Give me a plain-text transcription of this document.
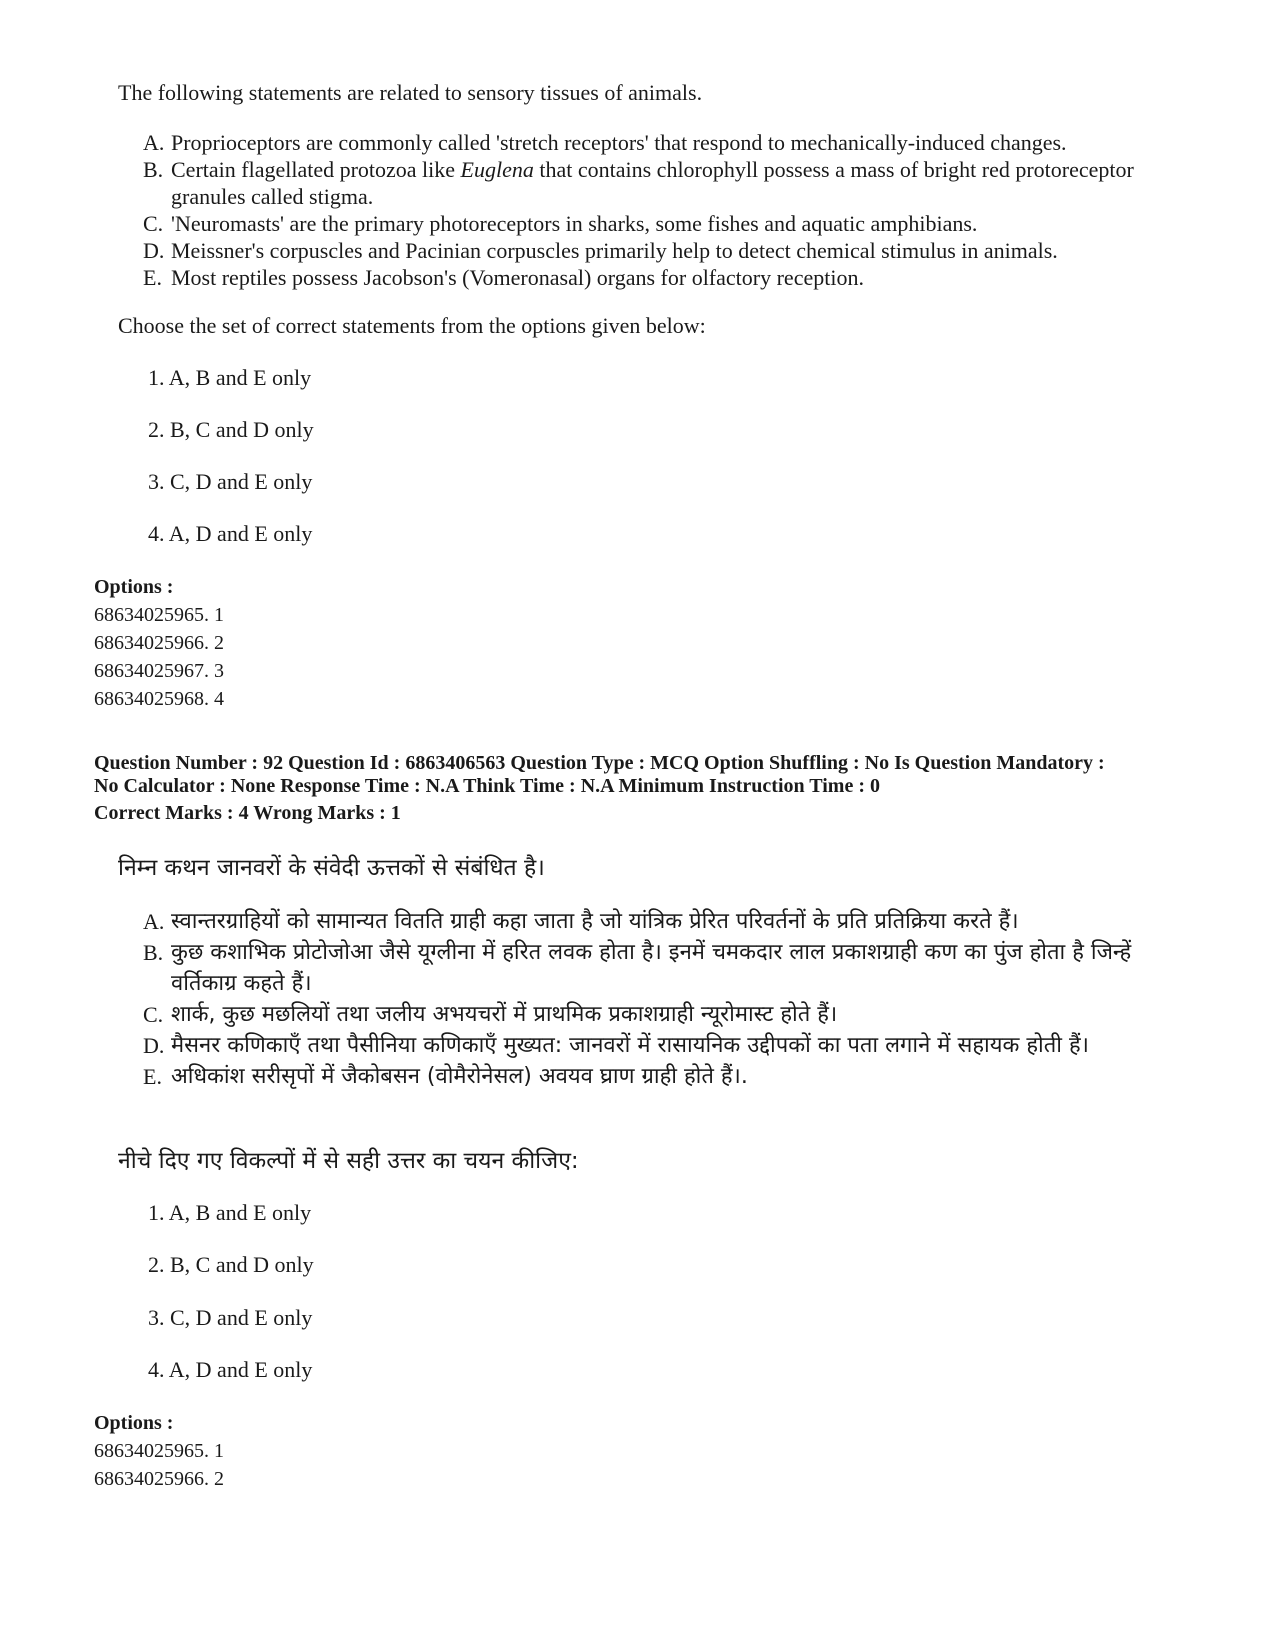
The following statements are related to sensory tissues of animals.
A. Proprioceptors are commonly called 'stretch receptors' that respond to mechanically-induced changes.
B. Certain flagellated protozoa like Euglena that contains chlorophyll possess a mass of bright red protoreceptor granules called stigma.
C. 'Neuromasts' are the primary photoreceptors in sharks, some fishes and aquatic amphibians.
D. Meissner's corpuscles and Pacinian corpuscles primarily help to detect chemical stimulus in animals.
E. Most reptiles possess Jacobson's (Vomeronasal) organs for olfactory reception.
Choose the set of correct statements from the options given below:
1. A, B and E only
2. B, C and D only
3. C, D and E only
4. A, D and E only
Options :
68634025965. 1
68634025966. 2
68634025967. 3
68634025968. 4
Question Number : 92 Question Id : 6863406563 Question Type : MCQ Option Shuffling : No Is Question Mandatory :
No Calculator : None Response Time : N.A Think Time : N.A Minimum Instruction Time : 0
Correct Marks : 4 Wrong Marks : 1
निम्न कथन जानवरों के संवेदी ऊत्तकों से संबंधित है।
A. स्वान्तरग्राहियों को सामान्यत वितति ग्राही कहा जाता है जो यांत्रिक प्रेरित परिवर्तनों के प्रति प्रतिक्रिया करते हैं।
B. कुछ कशाभिक प्रोटोजोआ जैसे यूग्लीना में हरित लवक होता है। इनमें चमकदार लाल प्रकाशग्राही कण का पुंज होता है जिन्हें वर्तिकाग्र कहते हैं।
C. शार्क, कुछ मछलियों तथा जलीय अभयचरों में प्राथमिक प्रकाशग्राही न्यूरोमास्ट होते हैं।
D. मैसनर कणिकाएँ तथा पैसीनिया कणिकाएँ मुख्यत: जानवरों में रासायनिक उद्दीपकों का पता लगाने में सहायक होती हैं।
E. अधिकांश सरीसृपों में जैकोबसन (वोमैरोनेसल) अवयव घ्राण ग्राही होते हैं।.
नीचे दिए गए विकल्पों में से सही उत्तर का चयन कीजिए:
1. A, B and E only
2. B, C and D only
3. C, D and E only
4. A, D and E only
Options :
68634025965. 1
68634025966. 2
